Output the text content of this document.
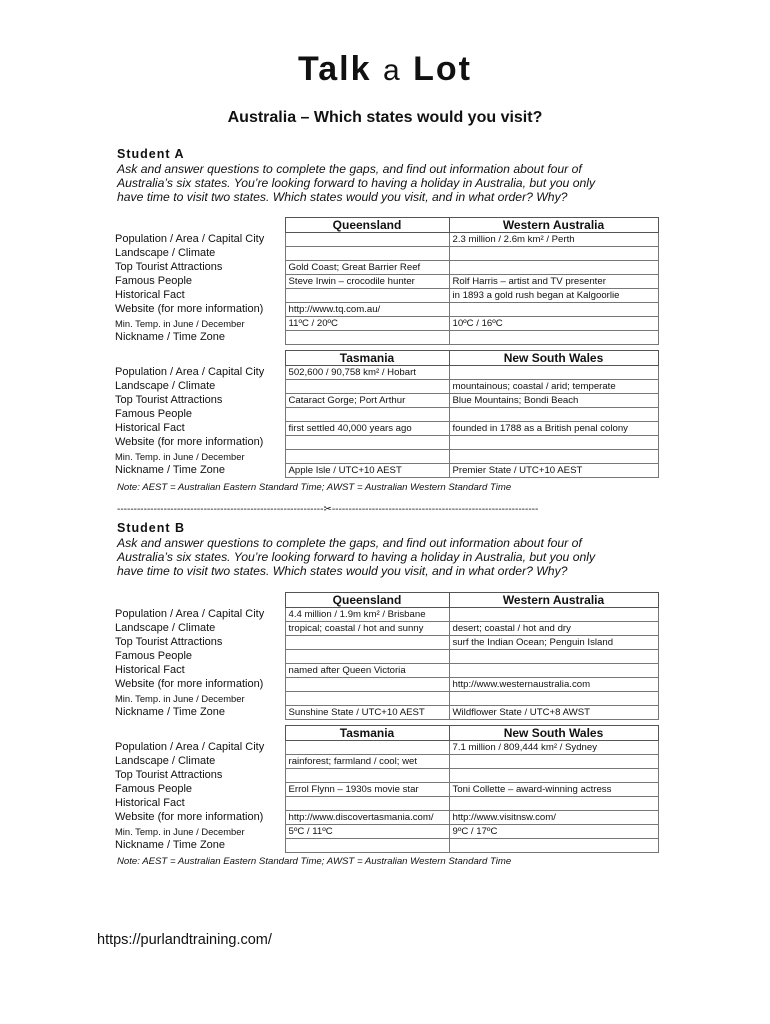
Talk a Lot
Australia – Which states would you visit?
Student A
Ask and answer questions to complete the gaps, and find out information about four of
Australia’s six states. You’re looking forward to having a holiday in Australia, but you only
have time to visit two states. Which states would you visit, and in what order? Why?
	Queensland	Western Australia
Population / Area / Capital City		2.3 million / 2.6m km² / Perth
Landscape / Climate		
Top Tourist Attractions	Gold Coast; Great Barrier Reef	
Famous People	Steve Irwin – crocodile hunter	Rolf Harris – artist and TV presenter
Historical Fact		in 1893 a gold rush began at Kalgoorlie
Website (for more information)	http://www.tq.com.au/	
Min. Temp. in June / December	11ºC / 20ºC	10ºC / 16ºC
Nickname / Time Zone		
	Tasmania	New South Wales
Population / Area / Capital City	502,600 / 90,758 km² / Hobart	
Landscape / Climate		mountainous; coastal / arid; temperate
Top Tourist Attractions	Cataract Gorge; Port Arthur	Blue Mountains; Bondi Beach
Famous People		
Historical Fact	first settled 40,000 years ago	founded in 1788 as a British penal colony
Website (for more information)		
Min. Temp. in June / December		
Nickname / Time Zone	Apple Isle / UTC+10 AEST	Premier State / UTC+10 AEST
Note: AEST = Australian Eastern Standard Time; AWST = Australian Western Standard Time
--------------------------------------------------------------✂--------------------------------------------------------------
Student B
Ask and answer questions to complete the gaps, and find out information about four of
Australia’s six states. You’re looking forward to having a holiday in Australia, but you only
have time to visit two states. Which states would you visit, and in what order? Why?
	Queensland	Western Australia
Population / Area / Capital City	4.4 million / 1.9m km² / Brisbane	
Landscape / Climate	tropical; coastal / hot and sunny	desert; coastal / hot and dry
Top Tourist Attractions		surf the Indian Ocean; Penguin Island
Famous People		
Historical Fact	named after Queen Victoria	
Website (for more information)		http://www.westernaustralia.com
Min. Temp. in June / December		
Nickname / Time Zone	Sunshine State / UTC+10 AEST	Wildflower State / UTC+8 AWST
	Tasmania	New South Wales
Population / Area / Capital City		7.1 million / 809,444 km² / Sydney
Landscape / Climate	rainforest; farmland / cool; wet	
Top Tourist Attractions		
Famous People	Errol Flynn – 1930s movie star	Toni Collette – award-winning actress
Historical Fact		
Website (for more information)	http://www.discovertasmania.com/	http://www.visitnsw.com/
Min. Temp. in June / December	5ºC / 11ºC	9ºC / 17ºC
Nickname / Time Zone		
Note: AEST = Australian Eastern Standard Time; AWST = Australian Western Standard Time
https://purlandtraining.com/
